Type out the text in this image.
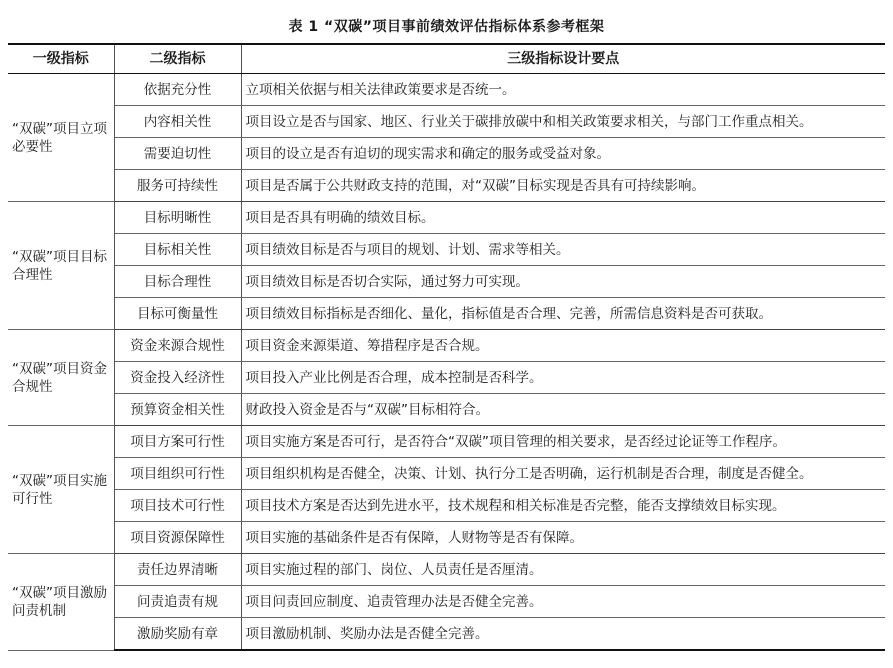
表 1 “双碳”项目事前绩效评估指标体系参考框架
一级指标	二级指标	三级指标设计要点
“双碳”项目立项必要性	依据充分性	立项相关依据与相关法律政策要求是否统一。
	内容相关性	项目设立是否与国家、地区、行业关于碳排放碳中和相关政策要求相关，与部门工作重点相关。
	需要迫切性	项目的设立是否有迫切的现实需求和确定的服务或受益对象。
	服务可持续性	项目是否属于公共财政支持的范围，对“双碳”目标实现是否具有可持续影响。
“双碳”项目目标合理性	目标明晰性	项目是否具有明确的绩效目标。
	目标相关性	项目绩效目标是否与项目的规划、计划、需求等相关。
	目标合理性	项目绩效目标是否切合实际，通过努力可实现。
	目标可衡量性	项目绩效目标指标是否细化、量化，指标值是否合理、完善，所需信息资料是否可获取。
“双碳”项目资金合规性	资金来源合规性	项目资金来源渠道、筹措程序是否合规。
	资金投入经济性	项目投入产业比例是否合理，成本控制是否科学。
	预算资金相关性	财政投入资金是否与“双碳”目标相符合。
“双碳”项目实施可行性	项目方案可行性	项目实施方案是否可行，是否符合“双碳”项目管理的相关要求，是否经过论证等工作程序。
	项目组织可行性	项目组织机构是否健全，决策、计划、执行分工是否明确，运行机制是否合理，制度是否健全。
	项目技术可行性	项目技术方案是否达到先进水平，技术规程和相关标准是否完整，能否支撑绩效目标实现。
	项目资源保障性	项目实施的基础条件是否有保障，人财物等是否有保障。
“双碳”项目激励问责机制	责任边界清晰	项目实施过程的部门、岗位、人员责任是否厘清。
	问责追责有规	项目问责回应制度、追责管理办法是否健全完善。
	激励奖励有章	项目激励机制、奖励办法是否健全完善。
